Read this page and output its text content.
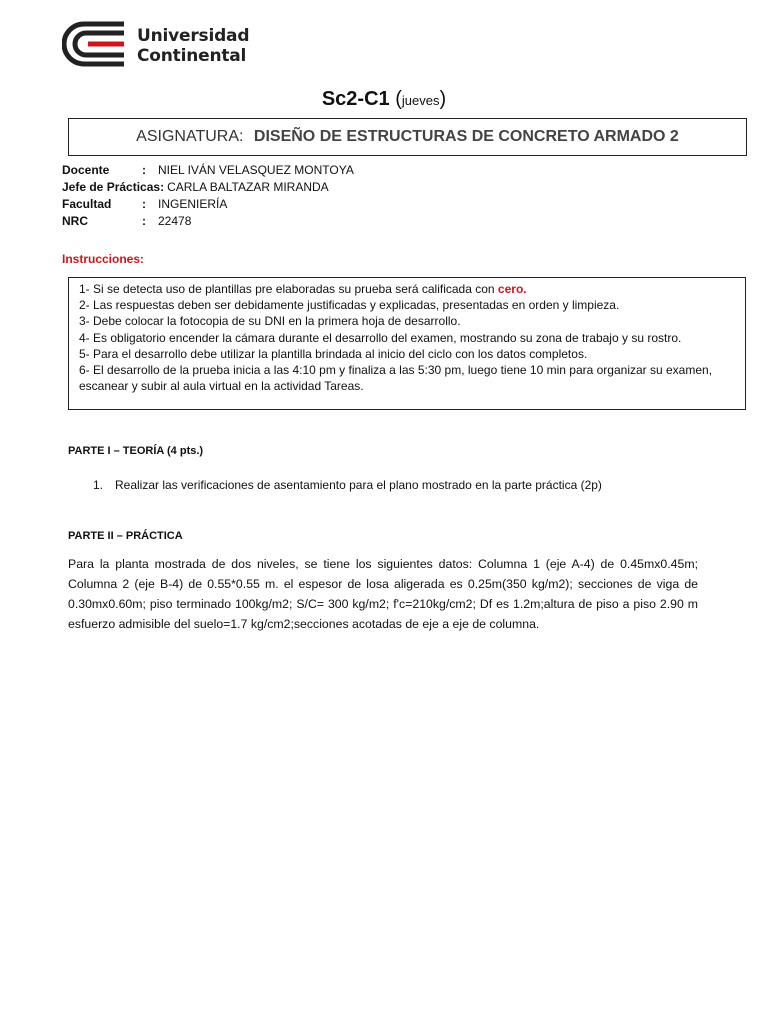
Universidad
Continental
Sc2-C1 (jueves)
ASIGNATURA: DISEÑO DE ESTRUCTURAS DE CONCRETO ARMADO 2
Docente	: NIEL IVÁN VELASQUEZ MONTOYA
Jefe de Prácticas: CARLA BALTAZAR MIRANDA
Facultad	: INGENIERÍA
NRC	: 22478
Instrucciones:

1- Si se detecta uso de plantillas pre elaboradas su prueba será calificada con cero.

2- Las respuestas deben ser debidamente justificadas y explicadas, presentadas en orden y limpieza.

3- Debe colocar la fotocopia de su DNI en la primera hoja de desarrollo.

4- Es obligatorio encender la cámara durante el desarrollo del examen, mostrando su zona de trabajo y su rostro.

5- Para el desarrollo debe utilizar la plantilla brindada al inicio del ciclo con los datos completos.

6- El desarrollo de la prueba inicia a las 4:10 pm y finaliza a las 5:30 pm, luego tiene 10 min para organizar su examen, escanear y subir al aula virtual en la actividad Tareas.

PARTE I – TEORÍA (4 pts.)
1. Realizar las verificaciones de asentamiento para el plano mostrado en la parte práctica (2p)
PARTE II – PRÁCTICA
Para la planta mostrada de dos niveles, se tiene los siguientes datos: Columna 1 (eje A-4) de 0.45mx0.45m; Columna 2 (eje B-4) de 0.55*0.55 m. el espesor de losa aligerada es 0.25m(350 kg/m2); secciones de viga de 0.30mx0.60m; piso terminado 100kg/m2; S/C= 300 kg/m2; f'c=210kg/cm2; Df es 1.2m;altura de piso a piso 2.90 m esfuerzo admisible del suelo=1.7 kg/cm2;secciones acotadas de eje a eje de columna.
